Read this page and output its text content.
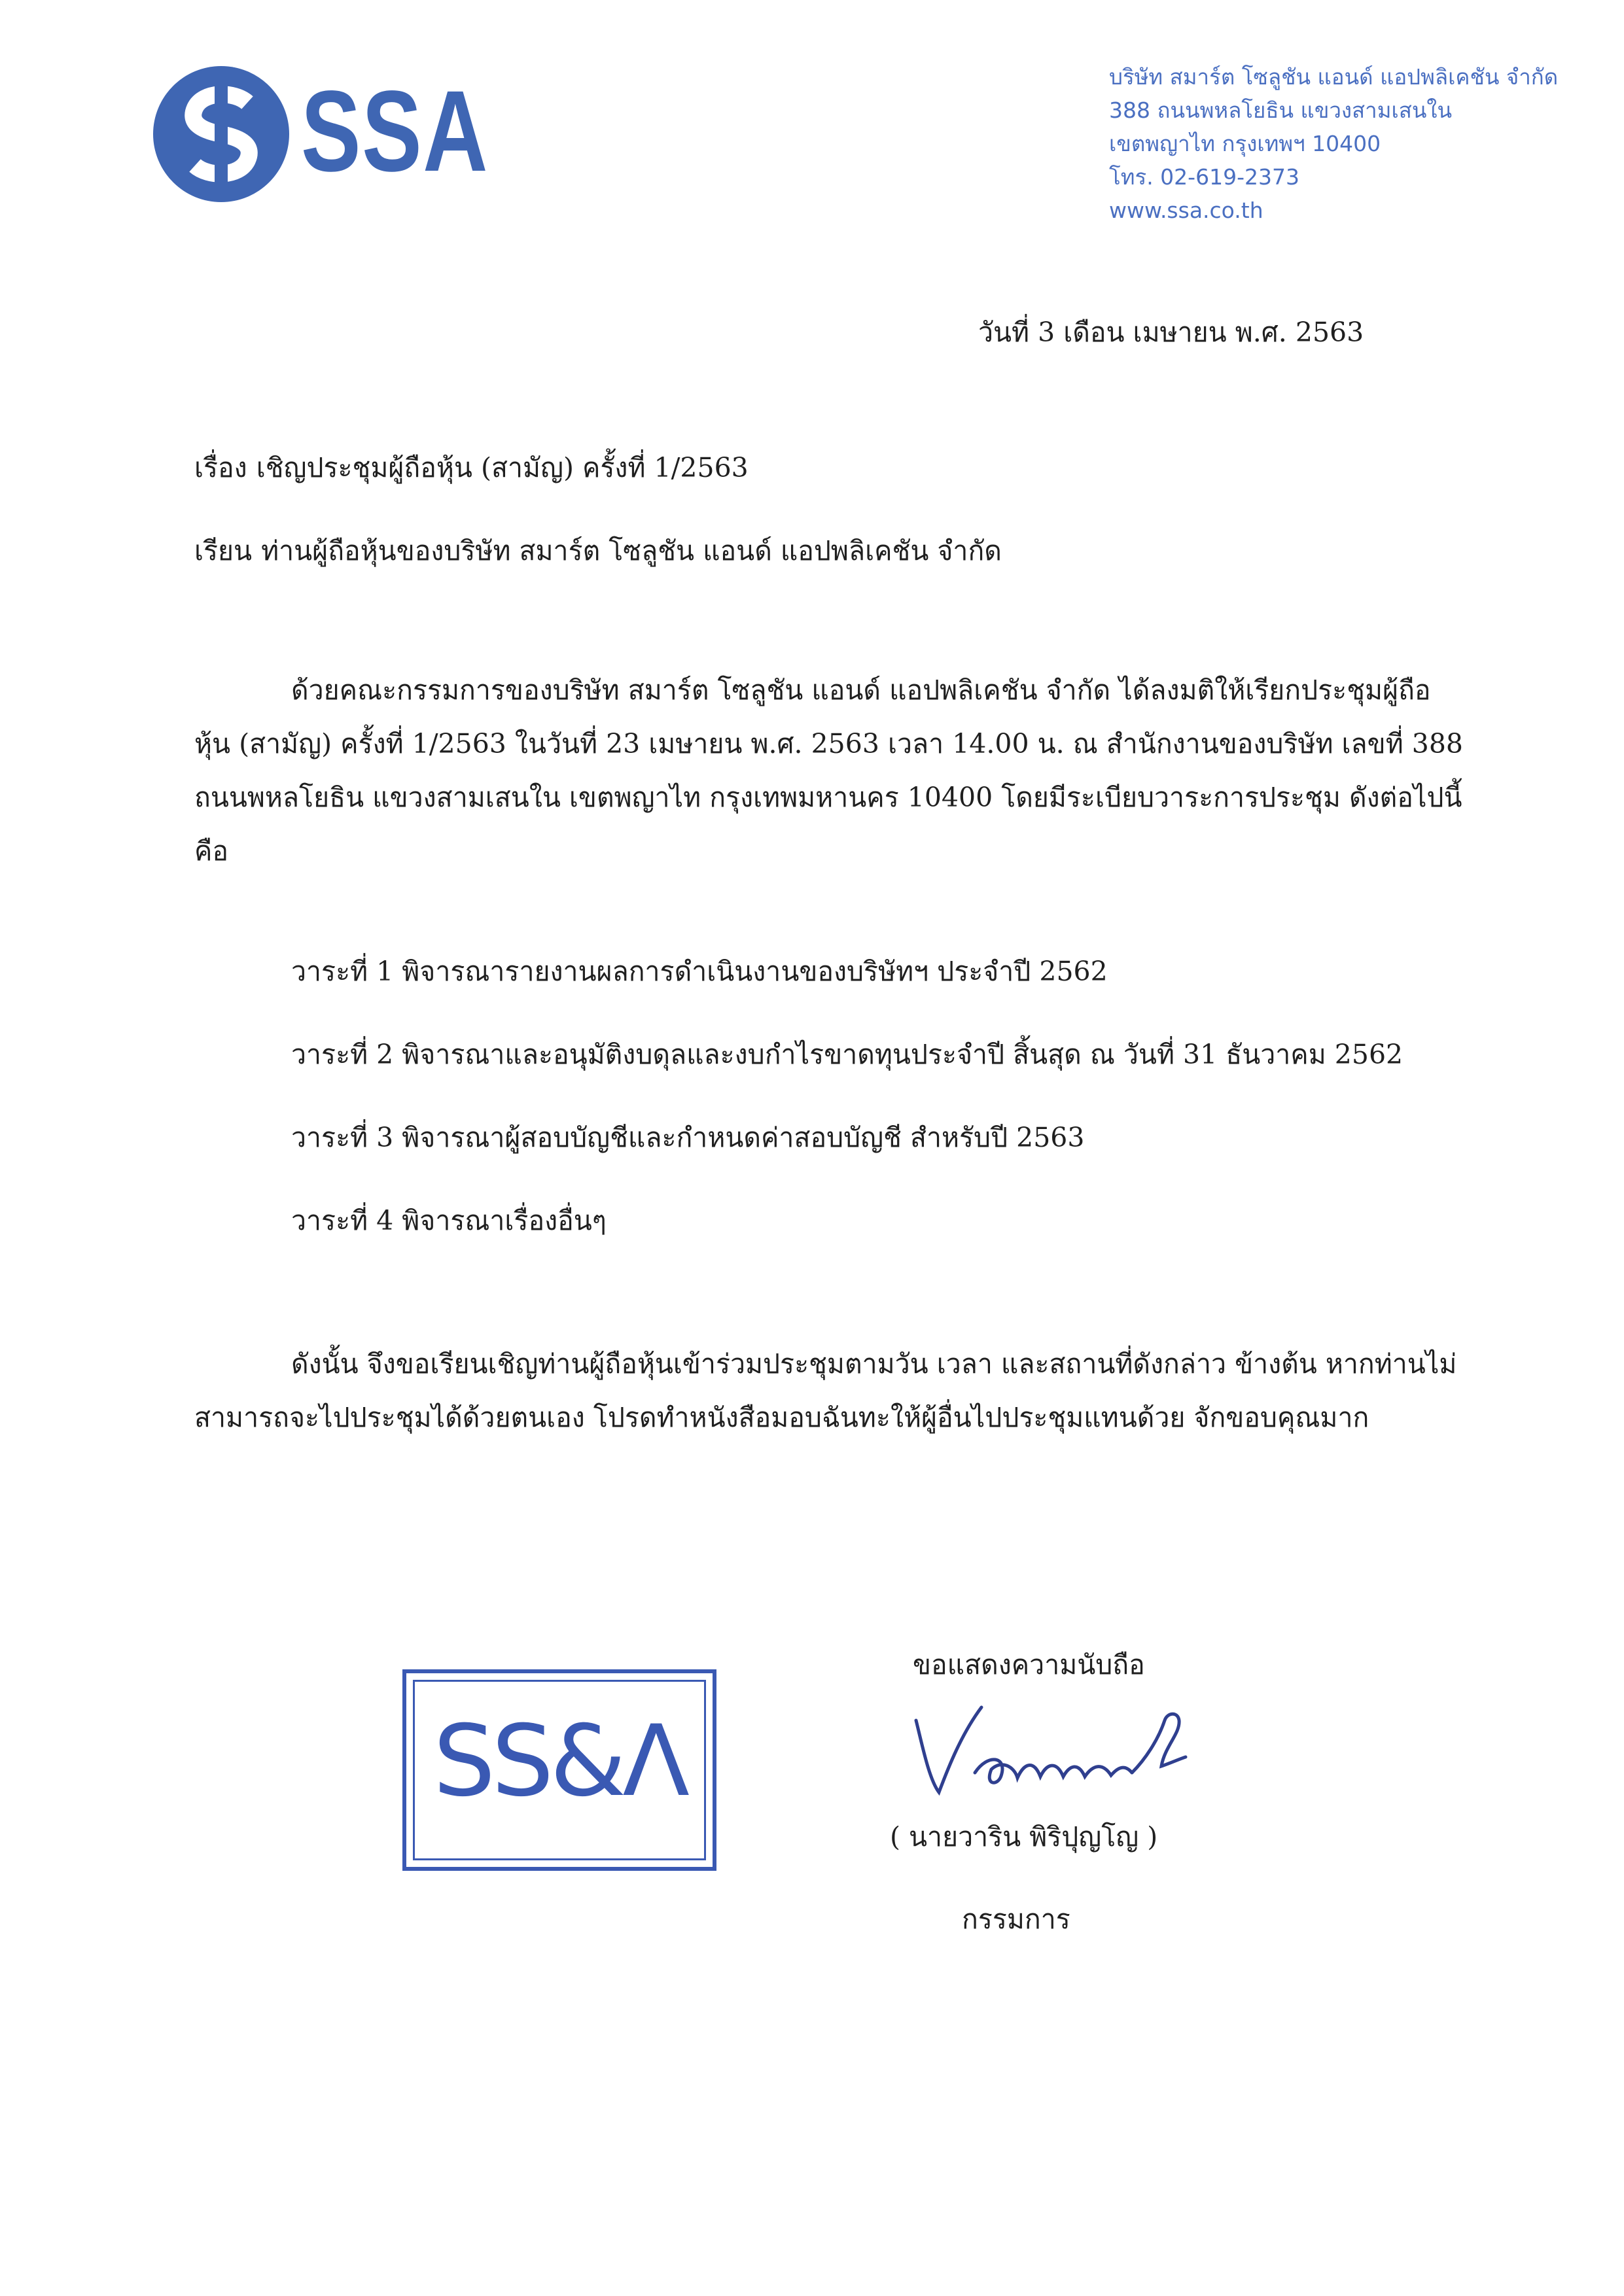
SSA	บริษัท สมาร์ต โซลูชัน แอนด์ แอปพลิเคชัน จำกัด
388 ถนนพหลโยธิน แขวงสามเสนใน
เขตพญาไท กรุงเทพฯ 10400
โทร. 02-619-2373
www.ssa.co.th
วันที่ 3 เดือน เมษายน พ.ศ. 2563
เรื่อง เชิญประชุมผู้ถือหุ้น (สามัญ) ครั้งที่ 1/2563
เรียน ท่านผู้ถือหุ้นของบริษัท สมาร์ต โซลูชัน แอนด์ แอปพลิเคชัน จำกัด
ด้วยคณะกรรมการของบริษัท สมาร์ต โซลูชัน แอนด์ แอปพลิเคชัน จำกัด ได้ลงมติให้เรียกประชุมผู้ถือ
หุ้น (สามัญ) ครั้งที่ 1/2563 ในวันที่ 23 เมษายน พ.ศ. 2563 เวลา 14.00 น. ณ สำนักงานของบริษัท เลขที่ 388
ถนนพหลโยธิน แขวงสามเสนใน เขตพญาไท กรุงเทพมหานคร 10400 โดยมีระเบียบวาระการประชุม ดังต่อไปนี้
คือ
วาระที่ 1 พิจารณารายงานผลการดำเนินงานของบริษัทฯ ประจำปี 2562
วาระที่ 2 พิจารณาและอนุมัติงบดุลและงบกำไรขาดทุนประจำปี สิ้นสุด ณ วันที่ 31 ธันวาคม 2562
วาระที่ 3 พิจารณาผู้สอบบัญชีและกำหนดค่าสอบบัญชี สำหรับปี 2563
วาระที่ 4 พิจารณาเรื่องอื่นๆ
ดังนั้น จึงขอเรียนเชิญท่านผู้ถือหุ้นเข้าร่วมประชุมตามวัน เวลา และสถานที่ดังกล่าว ข้างต้น หากท่านไม่
สามารถจะไปประชุมได้ด้วยตนเอง โปรดทำหนังสือมอบฉันทะให้ผู้อื่นไปประชุมแทนด้วย จักขอบคุณมาก
ขอแสดงความนับถือ
SS&Λ
( นายวาริน พิริปุญโญ )
กรรมการ
